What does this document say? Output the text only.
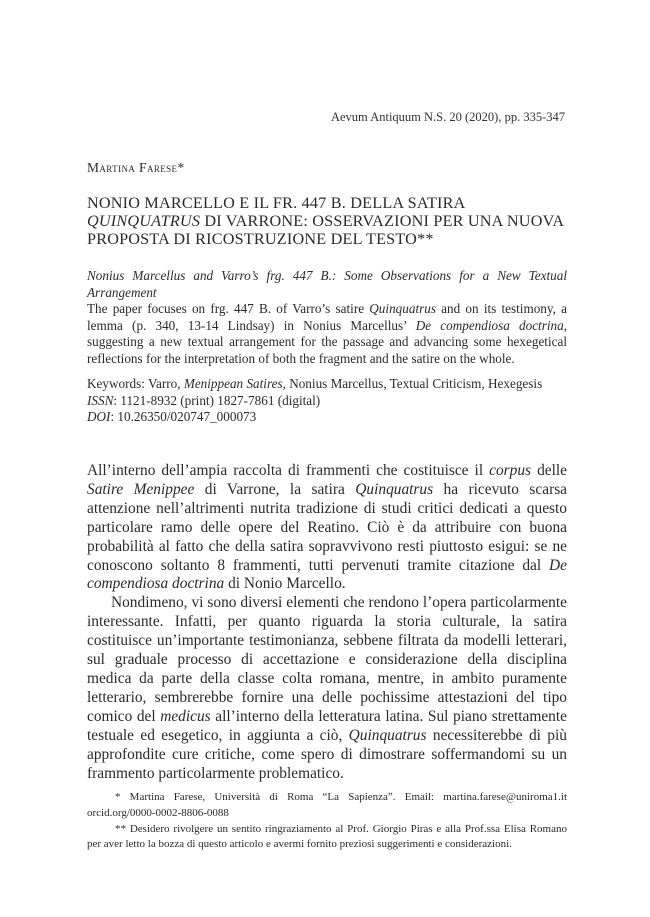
Aevum Antiquum N.S. 20 (2020), pp. 335-347
Martina Farese*
NONIO MARCELLO E IL FR. 447 B. DELLA SATIRA
QUINQUATRUS DI VARRONE: OSSERVAZIONI PER UNA NUOVA
PROPOSTA DI RICOSTRUZIONE DEL TESTO**

Nonius Marcellus and Varro’s frg. 447 B.: Some Observations for a New Textual Arrangement

The paper focuses on frg. 447 B. of Varro’s satire Quinquatrus and on its testimony, a lemma (p. 340, 13-14 Lindsay) in Nonius Marcellus’ De compendiosa doctrina, suggesting a new textual arrangement for the passage and advancing some hexegetical reflections for the interpretation of both the fragment and the satire on the whole.

Keywords: Varro, Menippean Satires, Nonius Marcellus, Textual Criticism, Hexegesis
ISSN: 1121-8932 (print) 1827-7861 (digital)
DOI: 10.26350/020747_000073

All’interno dell’ampia raccolta di frammenti che costituisce il corpus delle Satire Menippee di Varrone, la satira Quinquatrus ha ricevuto scarsa attenzione nell’altrimenti nutrita tradizione di studi critici dedicati a questo particolare ramo delle opere del Reatino. Ciò è da attribuire con buona probabilità al fatto che della satira sopravvivono resti piuttosto esigui: se ne conoscono soltanto 8 frammenti, tutti pervenuti tramite citazione dal De compendiosa doctrina di Nonio Marcello.

Nondimeno, vi sono diversi elementi che rendono l’opera particolarmente interessante. Infatti, per quanto riguarda la storia culturale, la satira costituisce un’importante testimonianza, sebbene filtrata da modelli letterari, sul graduale processo di accettazione e considerazione della disciplina medica da parte della classe colta romana, mentre, in ambito puramente letterario, sembrerebbe fornire una delle pochissime attestazioni del tipo comico del medicus all’interno della letteratura latina. Sul piano strettamente testuale ed esegetico, in aggiunta a ciò, Quinquatrus necessiterebbe di più approfondite cure critiche, come spero di dimostrare soffermandomi su un frammento particolarmente problematico.

* Martina Farese, Università di Roma “La Sapienza”. Email: martina.farese@uniroma1.it orcid.org/0000-0002-8806-0088

** Desidero rivolgere un sentito ringraziamento al Prof. Giorgio Piras e alla Prof.ssa Elisa Romano per aver letto la bozza di questo articolo e avermi fornito preziosi suggerimenti e considerazioni.
